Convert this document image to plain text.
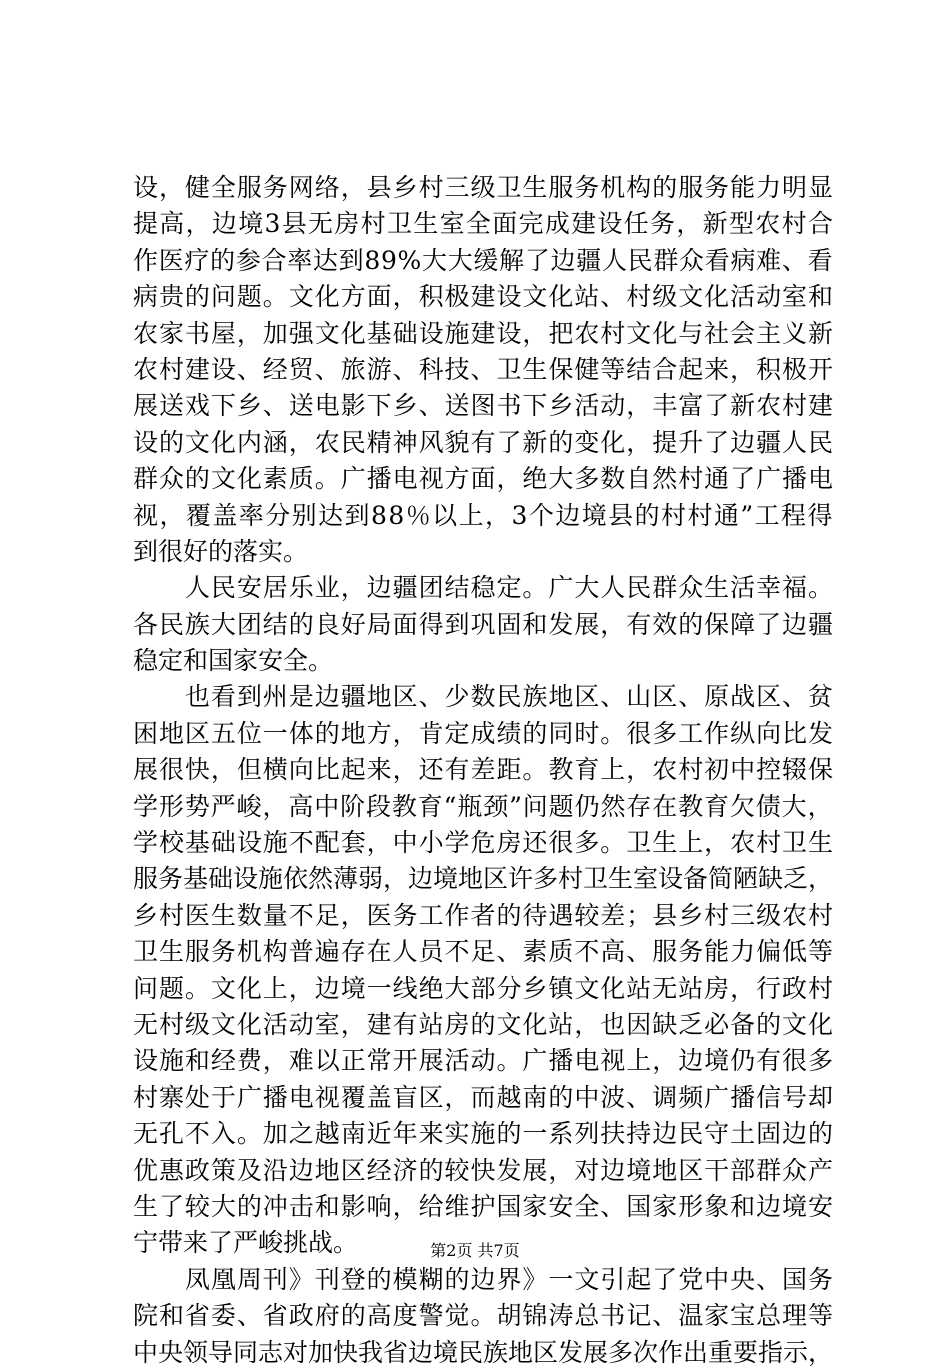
设，健全服务网络，县乡村三级卫生服务机构的服务能力明显
提高，边境3县无房村卫生室全面完成建设任务，新型农村合
作医疗的参合率达到89%大大缓解了边疆人民群众看病难、看
病贵的问题。文化方面，积极建设文化站、村级文化活动室和
农家书屋，加强文化基础设施建设，把农村文化与社会主义新
农村建设、经贸、旅游、科技、卫生保健等结合起来，积极开
展送戏下乡、送电影下乡、送图书下乡活动，丰富了新农村建
设的文化内涵，农民精神风貌有了新的变化，提升了边疆人民
群众的文化素质。广播电视方面，绝大多数自然村通了广播电
视，覆盖率分别达到88％以上，3个边境县的村村通”工程得
到很好的落实。
　　人民安居乐业，边疆团结稳定。广大人民群众生活幸福。
各民族大团结的良好局面得到巩固和发展，有效的保障了边疆
稳定和国家安全。
　　也看到州是边疆地区、少数民族地区、山区、原战区、贫
困地区五位一体的地方，肯定成绩的同时。很多工作纵向比发
展很快，但横向比起来，还有差距。教育上，农村初中控辍保
学形势严峻，高中阶段教育“瓶颈”问题仍然存在教育欠债大，
学校基础设施不配套，中小学危房还很多。卫生上，农村卫生
服务基础设施依然薄弱，边境地区许多村卫生室设备简陋缺乏，
乡村医生数量不足，医务工作者的待遇较差；县乡村三级农村
卫生服务机构普遍存在人员不足、素质不高、服务能力偏低等
问题。文化上，边境一线绝大部分乡镇文化站无站房，行政村
无村级文化活动室，建有站房的文化站，也因缺乏必备的文化
设施和经费，难以正常开展活动。广播电视上，边境仍有很多
村寨处于广播电视覆盖盲区，而越南的中波、调频广播信号却
无孔不入。加之越南近年来实施的一系列扶持边民守土固边的
优惠政策及沿边地区经济的较快发展，对边境地区干部群众产
生了较大的冲击和影响，给维护国家安全、国家形象和边境安
宁带来了严峻挑战。
　　凤凰周刊》刊登的模糊的边界》一文引起了党中央、国务
院和省委、省政府的高度警觉。胡锦涛总书记、温家宝总理等
中央领导同志对加快我省边境民族地区发展多次作出重要指示，
第2页 共7页
